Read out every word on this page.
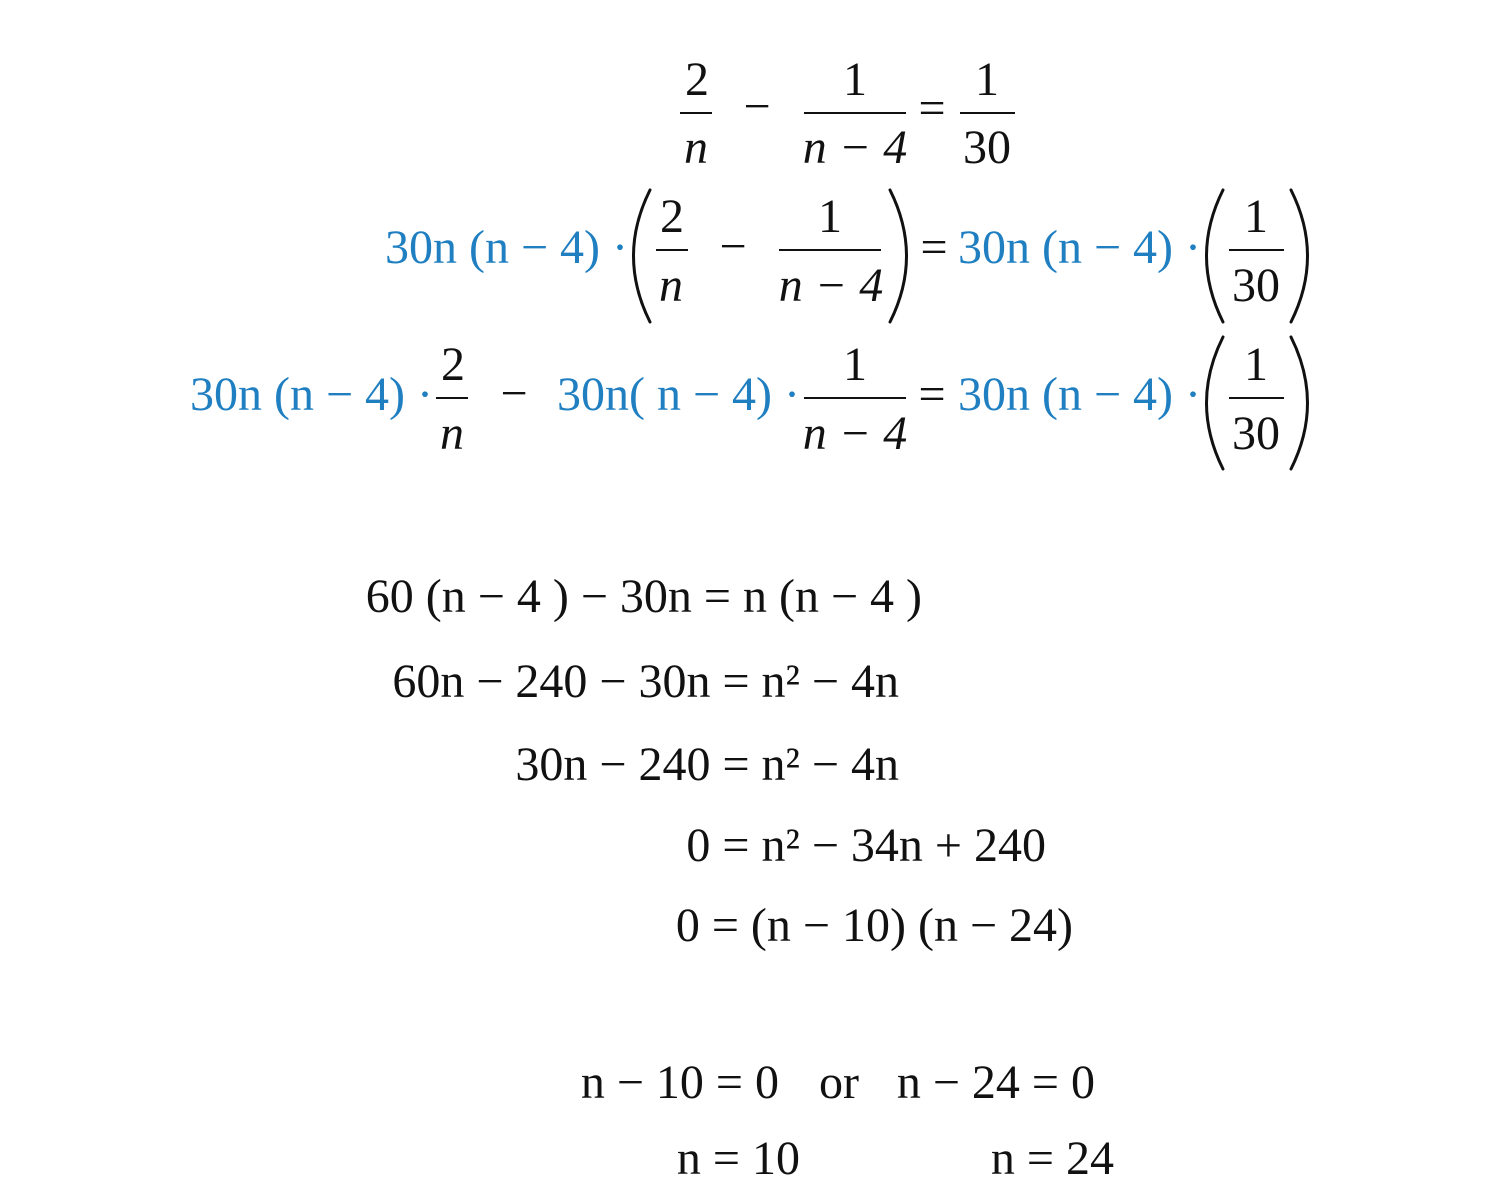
2
n
−
1
n − 4
=
1
30
30n (n − 4) ·
2
n
−
1
n − 4
= 30n (n − 4) ·
1
30
30n (n − 4) ·
2
n
− 30n( n − 4) ·
1
n − 4
= 30n (n − 4) ·
1
30
60 (n − 4 ) − 30n = n (n − 4 )
60n − 240 − 30n = n² − 4n
30n − 240 = n² − 4n
0 = n² − 34n + 240
0 = (n − 10) (n − 24)
n − 10 = 0 or n − 24 = 0
n = 10	n = 24
